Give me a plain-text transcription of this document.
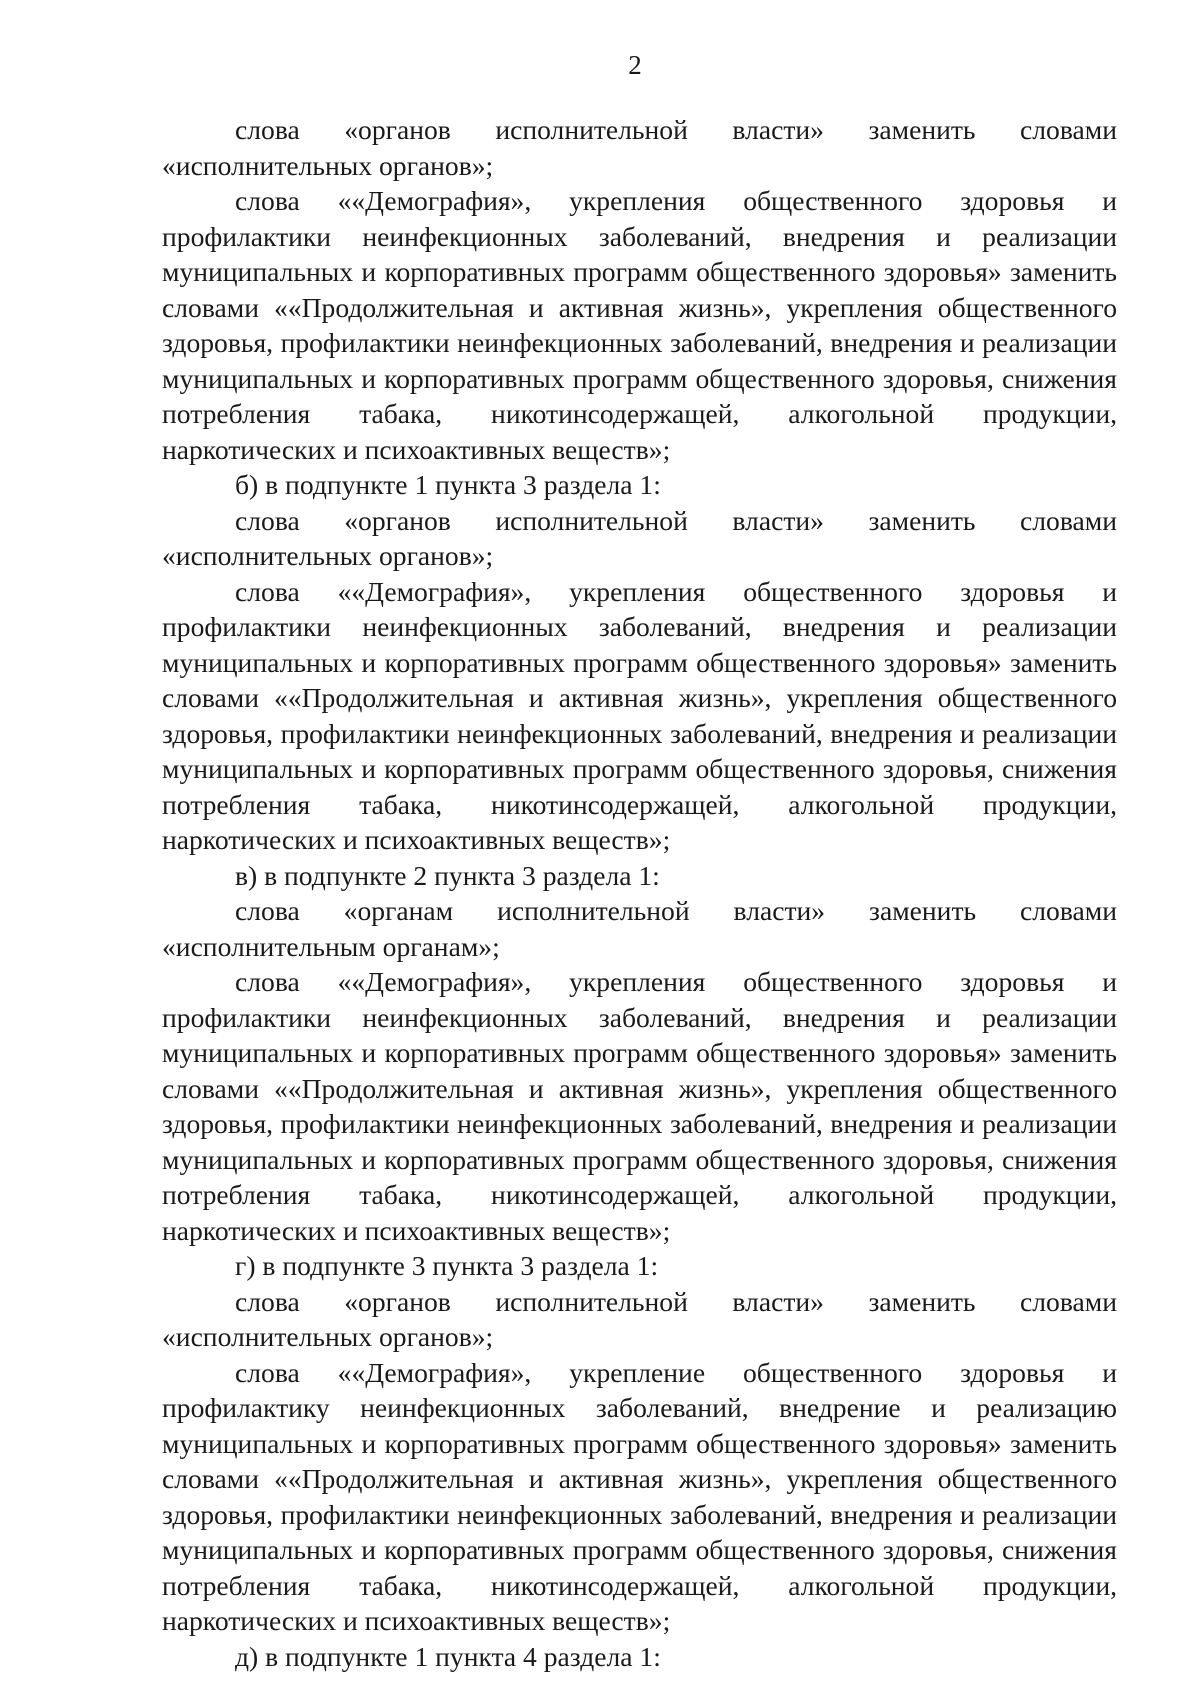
2

слова «органов исполнительной власти» заменить словами «исполнительных органов»;

слова ««Демография», укрепления общественного здоровья и профилактики неинфекционных заболеваний, внедрения и реализации муниципальных и корпоративных программ общественного здоровья» заменить словами ««Продолжительная и активная жизнь», укрепления общественного здоровья, профилактики неинфекционных заболеваний, внедрения и реализации муниципальных и корпоративных программ общественного здоровья, снижения потребления табака, никотинсодержащей, алкогольной продукции, наркотических и психоактивных веществ»;

б) в подпункте 1 пункта 3 раздела 1:

слова «органов исполнительной власти» заменить словами «исполнительных органов»;

слова ««Демография», укрепления общественного здоровья и профилактики неинфекционных заболеваний, внедрения и реализации муниципальных и корпоративных программ общественного здоровья» заменить словами ««Продолжительная и активная жизнь», укрепления общественного здоровья, профилактики неинфекционных заболеваний, внедрения и реализации муниципальных и корпоративных программ общественного здоровья, снижения потребления табака, никотинсодержащей, алкогольной продукции, наркотических и психоактивных веществ»;

в) в подпункте 2 пункта 3 раздела 1:

слова «органам исполнительной власти» заменить словами «исполнительным органам»;

слова ««Демография», укрепления общественного здоровья и профилактики неинфекционных заболеваний, внедрения и реализации муниципальных и корпоративных программ общественного здоровья» заменить словами ««Продолжительная и активная жизнь», укрепления общественного здоровья, профилактики неинфекционных заболеваний, внедрения и реализации муниципальных и корпоративных программ общественного здоровья, снижения потребления табака, никотинсодержащей, алкогольной продукции, наркотических и психоактивных веществ»;

г) в подпункте 3 пункта 3 раздела 1:

слова «органов исполнительной власти» заменить словами «исполнительных органов»;

слова ««Демография», укрепление общественного здоровья и профилактику неинфекционных заболеваний, внедрение и реализацию муниципальных и корпоративных программ общественного здоровья» заменить словами ««Продолжительная и активная жизнь», укрепления общественного здоровья, профилактики неинфекционных заболеваний, внедрения и реализации муниципальных и корпоративных программ общественного здоровья, снижения потребления табака, никотинсодержащей, алкогольной продукции, наркотических и психоактивных веществ»;

д) в подпункте 1 пункта 4 раздела 1:
